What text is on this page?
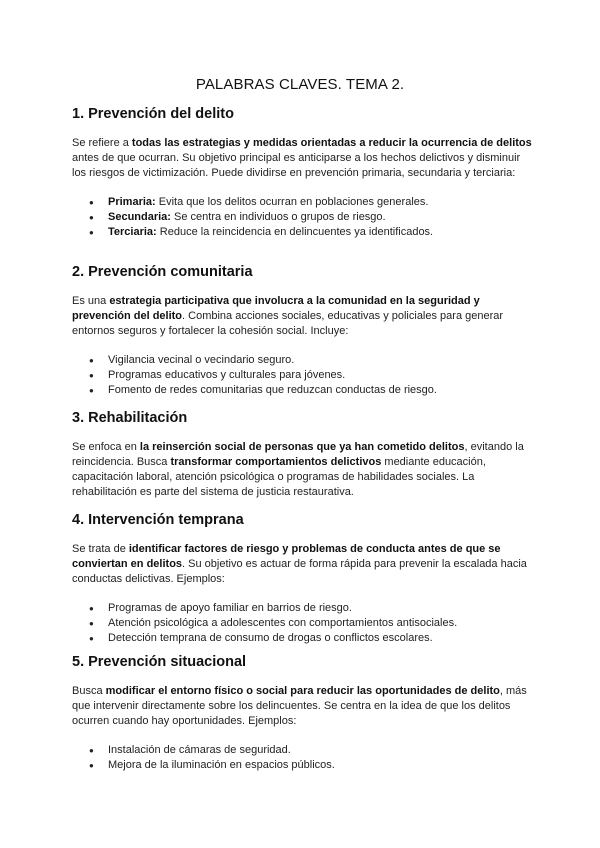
PALABRAS CLAVES. TEMA 2.
1. Prevención del delito

Se refiere a todas las estrategias y medidas orientadas a reducir la ocurrencia de delitos antes de que ocurran. Su objetivo principal es anticiparse a los hechos delictivos y disminuir los riesgos de victimización. Puede dividirse en prevención primaria, secundaria y terciaria:

● Primaria: Evita que los delitos ocurran en poblaciones generales.
● Secundaria: Se centra en individuos o grupos de riesgo.
● Terciaria: Reduce la reincidencia en delincuentes ya identificados.
2. Prevención comunitaria

Es una estrategia participativa que involucra a la comunidad en la seguridad y prevención del delito. Combina acciones sociales, educativas y policiales para generar entornos seguros y fortalecer la cohesión social. Incluye:

● Vigilancia vecinal o vecindario seguro.
● Programas educativos y culturales para jóvenes.
● Fomento de redes comunitarias que reduzcan conductas de riesgo.
3. Rehabilitación

Se enfoca en la reinserción social de personas que ya han cometido delitos, evitando la reincidencia. Busca transformar comportamientos delictivos mediante educación, capacitación laboral, atención psicológica o programas de habilidades sociales. La rehabilitación es parte del sistema de justicia restaurativa.

4. Intervención temprana

Se trata de identificar factores de riesgo y problemas de conducta antes de que se conviertan en delitos. Su objetivo es actuar de forma rápida para prevenir la escalada hacia conductas delictivas. Ejemplos:

● Programas de apoyo familiar en barrios de riesgo.
● Atención psicológica a adolescentes con comportamientos antisociales.
● Detección temprana de consumo de drogas o conflictos escolares.
5. Prevención situacional

Busca modificar el entorno físico o social para reducir las oportunidades de delito, más que intervenir directamente sobre los delincuentes. Se centra en la idea de que los delitos ocurren cuando hay oportunidades. Ejemplos:

● Instalación de cámaras de seguridad.
● Mejora de la iluminación en espacios públicos.
